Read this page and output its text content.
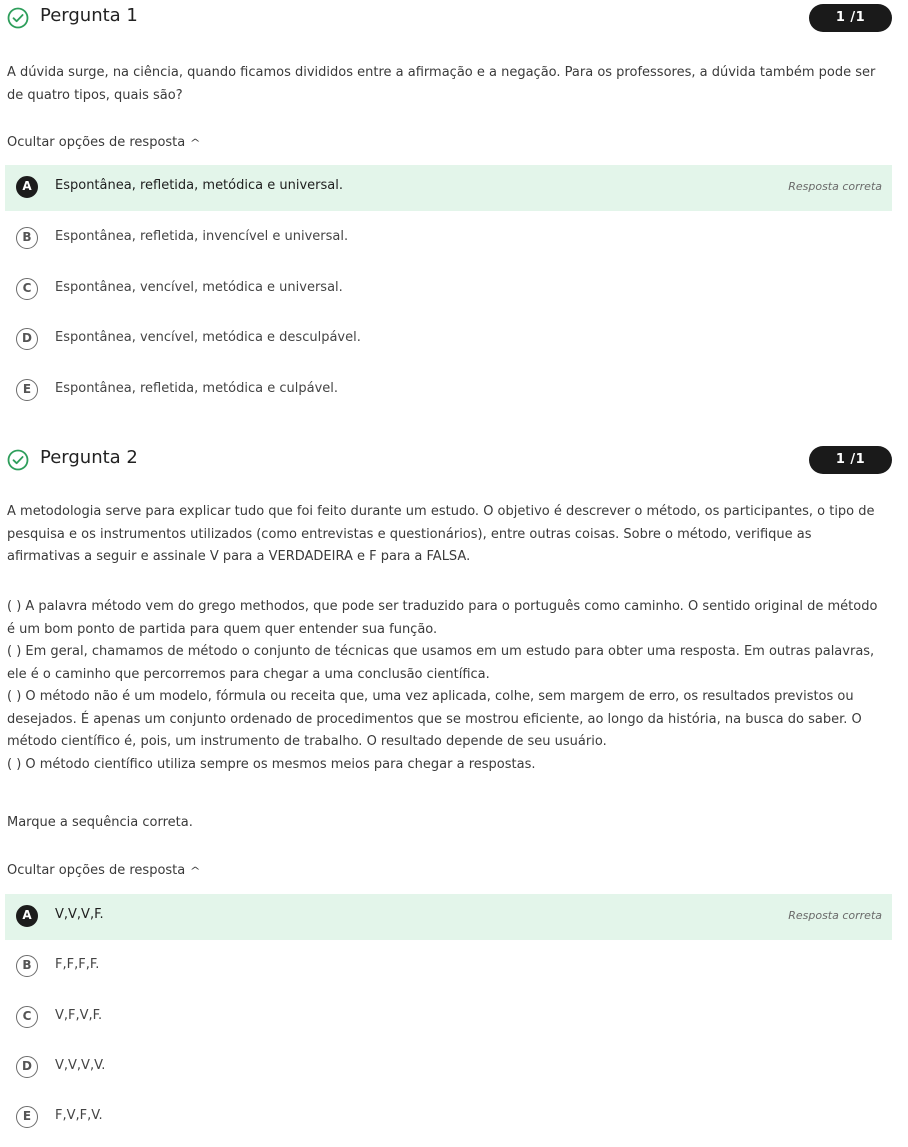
Pergunta 1	1 /1

A dúvida surge, na ciência, quando ficamos divididos entre a afirmação e a negação. Para os professores, a dúvida também pode ser de quatro tipos, quais são?

Ocultar opções de resposta ^
A	Espontânea, refletida, metódica e universal.	Resposta correta
B	Espontânea, refletida, invencível e universal.
C	Espontânea, vencível, metódica e universal.
D	Espontânea, vencível, metódica e desculpável.
E	Espontânea, refletida, metódica e culpável.
Pergunta 2	1 /1

A metodologia serve para explicar tudo que foi feito durante um estudo. O objetivo é descrever o método, os participantes, o tipo de pesquisa e os instrumentos utilizados (como entrevistas e questionários), entre outras coisas. Sobre o método, verifique as afirmativas a seguir e assinale V para a VERDADEIRA e F para a FALSA.

( ) A palavra método vem do grego methodos, que pode ser traduzido para o português como caminho. O sentido original de método é um bom ponto de partida para quem quer entender sua função.

( ) Em geral, chamamos de método o conjunto de técnicas que usamos em um estudo para obter uma resposta. Em outras palavras, ele é o caminho que percorremos para chegar a uma conclusão científica.

( ) O método não é um modelo, fórmula ou receita que, uma vez aplicada, colhe, sem margem de erro, os resultados previstos ou desejados. É apenas um conjunto ordenado de procedimentos que se mostrou eficiente, ao longo da história, na busca do saber. O método científico é, pois, um instrumento de trabalho. O resultado depende de seu usuário.

( ) O método científico utiliza sempre os mesmos meios para chegar a respostas.

Marque a sequência correta.

Ocultar opções de resposta ^
A	V,V,V,F.	Resposta correta
B	F,F,F,F.
C	V,F,V,F.
D	V,V,V,V.
E	F,V,F,V.
